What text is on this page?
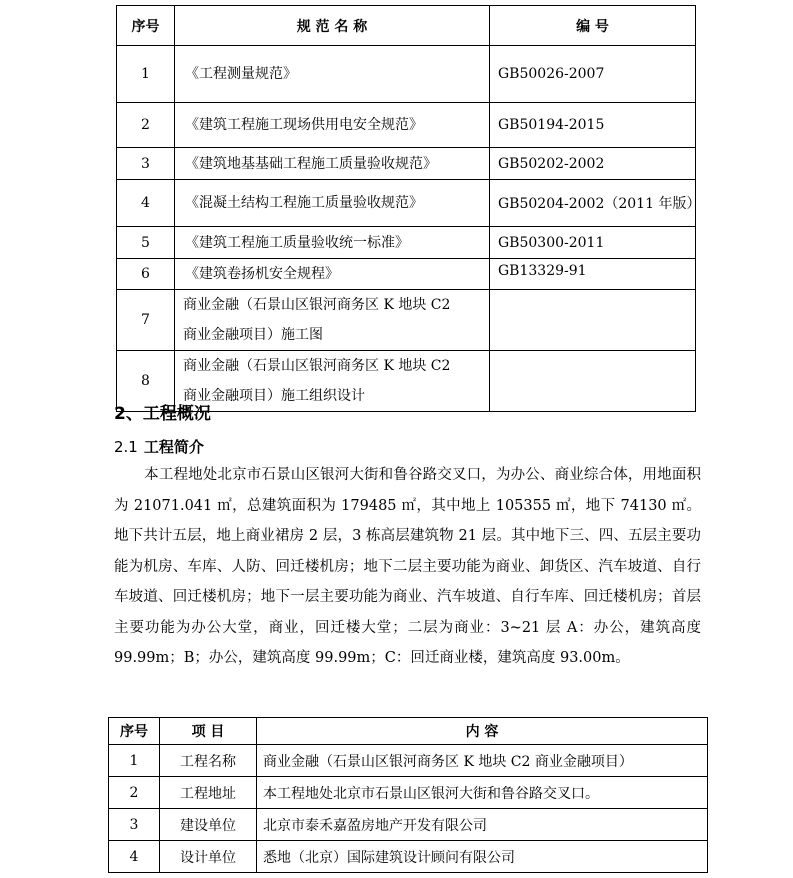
序号	规 范 名 称	编 号
1	《工程测量规范》	GB50026-2007
2	《建筑工程施工现场供用电安全规范》	GB50194-2015
3	《建筑地基基础工程施工质量验收规范》	GB50202-2002
4	《混凝土结构工程施工质量验收规范》	GB50204-2002（2011 年版）
5	《建筑工程施工质量验收统一标准》	GB50300-2011
6	《建筑卷扬机安全规程》	GB13329-91
7	商业金融（石景山区银河商务区 K 地块 C2
商业金融项目）施工图	

8	商业金融（石景山区银河商务区 K 地块 C2
商业金融项目）施工组织设计	

2、工程概况
2.1 工程简介

本工程地处北京市石景山区银河大街和鲁谷路交叉口，为办公、商业综合体，用地面积为 21071.041 ㎡，总建筑面积为 179485 ㎡，其中地上 105355 ㎡，地下 74130 ㎡。地下共计五层，地上商业裙房 2 层，3 栋高层建筑物 21 层。其中地下三、四、五层主要功能为机房、车库、人防、回迁楼机房；地下二层主要功能为商业、卸货区、汽车坡道、自行车坡道、回迁楼机房；地下一层主要功能为商业、汽车坡道、自行车库、回迁楼机房；首层主要功能为办公大堂，商业，回迁楼大堂；二层为商业：3~21 层 A：办公，建筑高度 99.99m；B；办公，建筑高度 99.99m；C：回迁商业楼，建筑高度 93.00m。

序号	项 目	内 容
1	工程名称	商业金融（石景山区银河商务区 K 地块 C2 商业金融项目）
2	工程地址	本工程地处北京市石景山区银河大街和鲁谷路交叉口。
3	建设单位	北京市泰禾嘉盈房地产开发有限公司
4	设计单位	悉地（北京）国际建筑设计顾问有限公司
